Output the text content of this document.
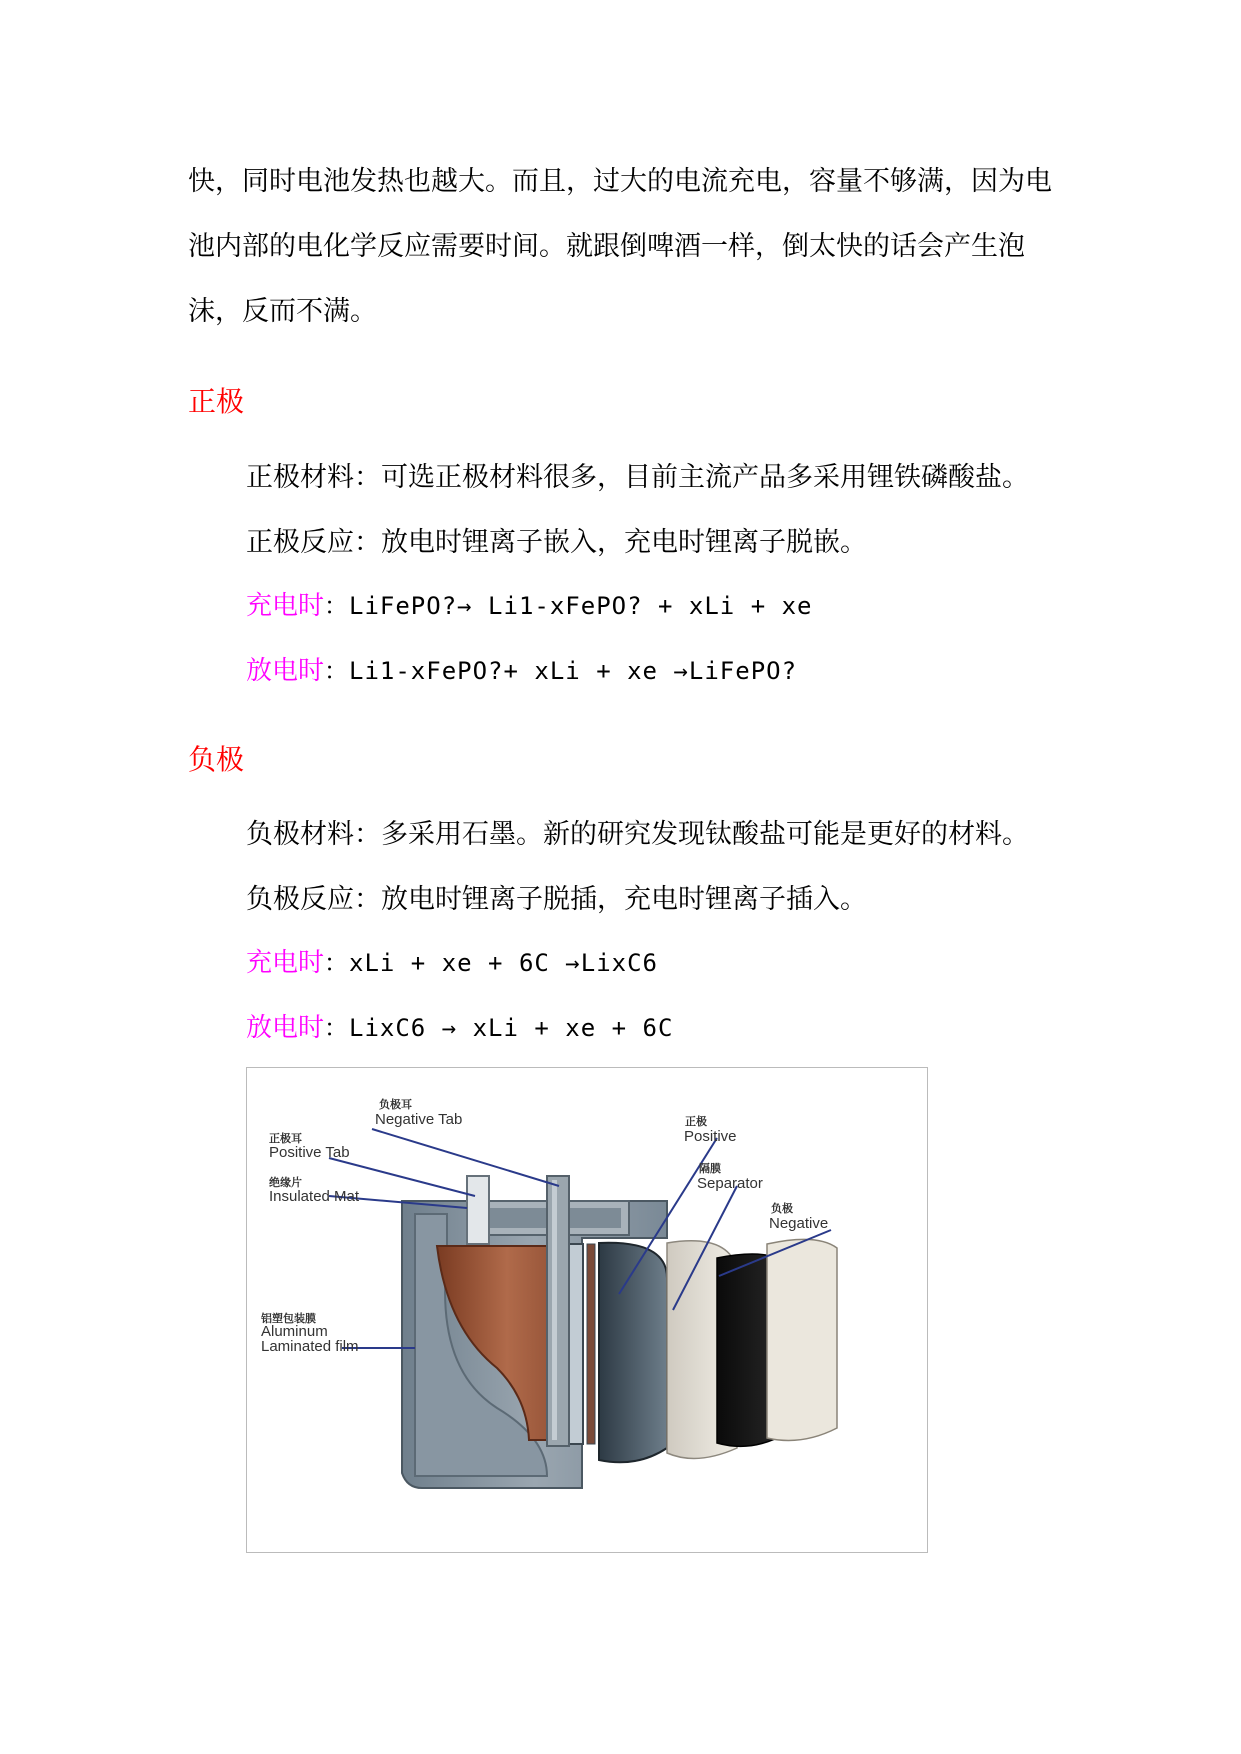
快，同时电池发热也越大。而且，过大的电流充电，容量不够满，因为电池内部的电化学反应需要时间。就跟倒啤酒一样，倒太快的话会产生泡沫，反而不满。
正极
正极材料：可选正极材料很多，目前主流产品多采用锂铁磷酸盐。
正极反应：放电时锂离子嵌入，充电时锂离子脱嵌。
充电时：LiFePO?→ Li1-xFePO? + xLi + xe
放电时：Li1-xFePO?+ xLi + xe →LiFePO?
负极
负极材料：多采用石墨。新的研究发现钛酸盐可能是更好的材料。
负极反应：放电时锂离子脱插，充电时锂离子插入。
充电时：xLi + xe + 6C →LixC6
放电时：LixC6 → xLi + xe + 6C
负极耳
Negative Tab
正极耳
Positive Tab
绝缘片
Insulated Mat
铝塑包装膜
Aluminum
Laminated film
正极
Positive
隔膜
Separator
负极
Negative
